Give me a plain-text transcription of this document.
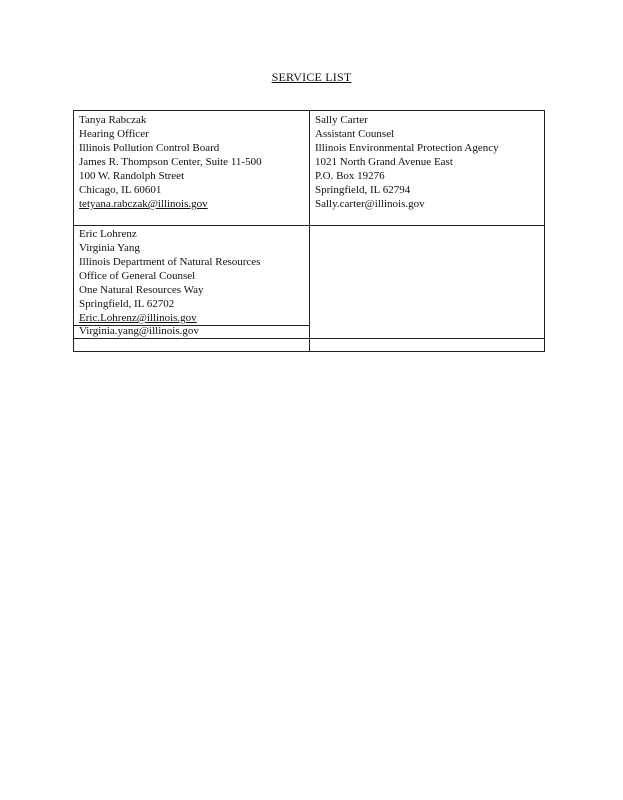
SERVICE LIST
Tanya Rabczak
Hearing Officer
Illinois Pollution Control Board
James R. Thompson Center, Suite 11-500
100 W. Randolph Street
Chicago, IL 60601
tetyana.rabczak@illinois.gov
Sally Carter
Assistant Counsel
Illinois Environmental Protection Agency
1021 North Grand Avenue East
P.O. Box 19276
Springfield, IL 62794
Sally.carter@illinois.gov
Eric Lohrenz
Virginia Yang
Illinois Department of Natural Resources
Office of General Counsel
One Natural Resources Way
Springfield, IL 62702
Eric.Lohrenz@illinois.gov
Virginia.yang@illinois.gov
